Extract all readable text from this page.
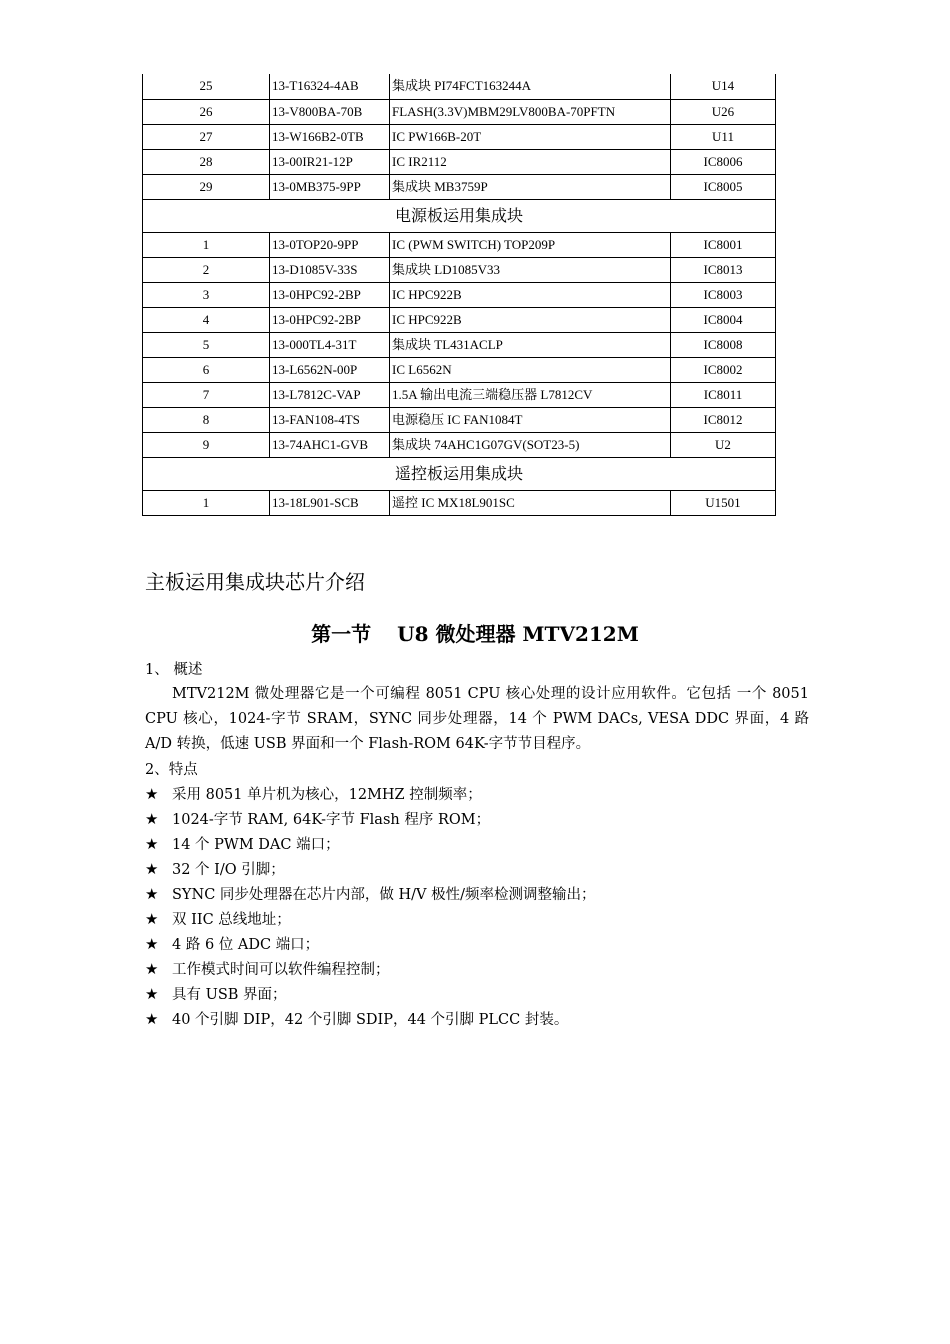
25	13-T16324-4AB	集成块 PI74FCT163244A	U14
26	13-V800BA-70B	FLASH(3.3V)MBM29LV800BA-70PFTN	U26
27	13-W166B2-0TB	IC PW166B-20T	U11
28	13-00IR21-12P	IC IR2112	IC8006
29	13-0MB375-9PP	集成块 MB3759P	IC8005
电源板运用集成块			
1	13-0TOP20-9PP	IC (PWM SWITCH) TOP209P	IC8001
2	13-D1085V-33S	集成块 LD1085V33	IC8013
3	13-0HPC92-2BP	IC HPC922B	IC8003
4	13-0HPC92-2BP	IC HPC922B	IC8004
5	13-000TL4-31T	集成块 TL431ACLP	IC8008
6	13-L6562N-00P	IC L6562N	IC8002
7	13-L7812C-VAP	1.5A 输出电流三端稳压器 L7812CV	IC8011
8	13-FAN108-4TS	电源稳压 IC FAN1084T	IC8012
9	13-74AHC1-GVB	集成块 74AHC1G07GV(SOT23-5)	U2
遥控板运用集成块			
1	13-18L901-SCB	遥控 IC MX18L901SC	U1501
主板运用集成块芯片介绍
第一节 U8 微处理器 MTV212M

1、 概述

MTV212M 微处理器它是一个可编程 8051 CPU 核心处理的设计应用软件。它包括 一个 8051 CPU 核心，1024-字节 SRAM，SYNC 同步处理器，14 个 PWM DACs, VESA DDC 界面，4 路 A/D 转换，低速 USB 界面和一个 Flash-ROM 64K-字节节目程序。

2、特点

★ 采用 8051 单片机为核心，12MHZ 控制频率；
★ 1024-字节 RAM, 64K-字节 Flash 程序 ROM；
★ 14 个 PWM DAC 端口；
★ 32 个 I/O 引脚；
★ SYNC 同步处理器在芯片内部，做 H/V 极性/频率检测调整输出；
★ 双 IIC 总线地址；
★ 4 路 6 位 ADC 端口；
★ 工作模式时间可以软件编程控制；
★ 具有 USB 界面；
★ 40 个引脚 DIP，42 个引脚 SDIP，44 个引脚 PLCC 封装。
